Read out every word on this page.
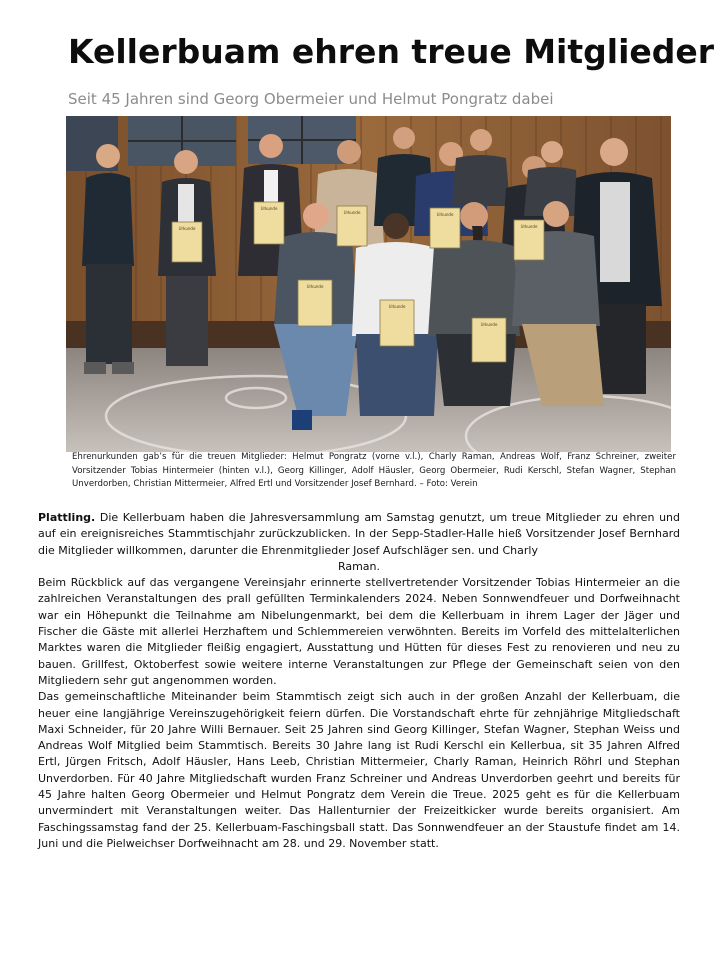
Kellerbuam ehren treue Mitglieder

Seit 45 Jahren sind Georg Obermeier und Helmut Pongratz dabei

Urkunde
Urkunde
Urkunde	Urkunde
Urkunde
Urkunde
Urkunde
Urkunde

Ehrenurkunden gab’s für die treuen Mitglieder: Helmut Pongratz (vorne v.l.), Charly Raman, Andreas Wolf, Franz Schreiner, zweiter Vorsitzender Tobias Hintermeier (hinten v.l.), Georg Killinger, Adolf Häusler, Georg Obermeier, Rudi Kerschl, Stefan Wagner, Stephan Unverdorben, Christian Mittermeier, Alfred Ertl und Vorsitzender Josef Bernhard. – Foto: Verein

Plattling. Die Kellerbuam haben die Jahresversammlung am Samstag genutzt, um treue Mitglieder zu ehren und auf ein ereignisreiches Stammtischjahr zurückzublicken. In der Sepp-Stadler-Halle hieß Vorsitzender Josef Bernhard die Mitglieder willkommen, darunter die Ehrenmitglieder Josef Aufschläger sen. und Charly

Raman.

Beim Rückblick auf das vergangene Vereinsjahr erinnerte stellvertretender Vorsitzender Tobias Hintermeier an die zahlreichen Veranstaltungen des prall gefüllten Terminkalenders 2024. Neben Sonnwendfeuer und Dorfweihnacht war ein Höhepunkt die Teilnahme am Nibelungenmarkt, bei dem die Kellerbuam in ihrem Lager der Jäger und Fischer die Gäste mit allerlei Herzhaftem und Schlemmereien verwöhnten. Bereits im Vorfeld des mittelalterlichen Marktes waren die Mitglieder fleißig engagiert, Ausstattung und Hütten für dieses Fest zu renovieren und neu zu bauen. Grillfest, Oktoberfest sowie weitere interne Veranstaltungen zur Pflege der Gemeinschaft seien von den Mitgliedern sehr gut angenommen worden.

Das gemeinschaftliche Miteinander beim Stammtisch zeigt sich auch in der großen Anzahl der Kellerbuam, die heuer eine langjährige Vereinszugehörigkeit feiern dürfen. Die Vorstandschaft ehrte für zehnjährige Mitgliedschaft Maxi Schneider, für 20 Jahre Willi Bernauer. Seit 25 Jahren sind Georg Killinger, Stefan Wagner, Stephan Weiss und Andreas Wolf Mitglied beim Stammtisch. Bereits 30 Jahre lang ist Rudi Kerschl ein Kellerbua, sit 35 Jahren Alfred Ertl, Jürgen Fritsch, Adolf Häusler, Hans Leeb, Christian Mittermeier, Charly Raman, Heinrich Röhrl und Stephan Unverdorben. Für 40 Jahre Mitgliedschaft wurden Franz Schreiner und Andreas Unverdorben geehrt und bereits für 45 Jahre halten Georg Obermeier und Helmut Pongratz dem Verein die Treue. 2025 geht es für die Kellerbuam unvermindert mit Veranstaltungen weiter. Das Hallenturnier der Freizeitkicker wurde bereits organisiert. Am Faschingssamstag fand der 25. Kellerbuam-Faschingsball statt. Das Sonnwendfeuer an der Staustufe findet am 14. Juni und die Pielweichser Dorfweihnacht am 28. und 29. November statt.
